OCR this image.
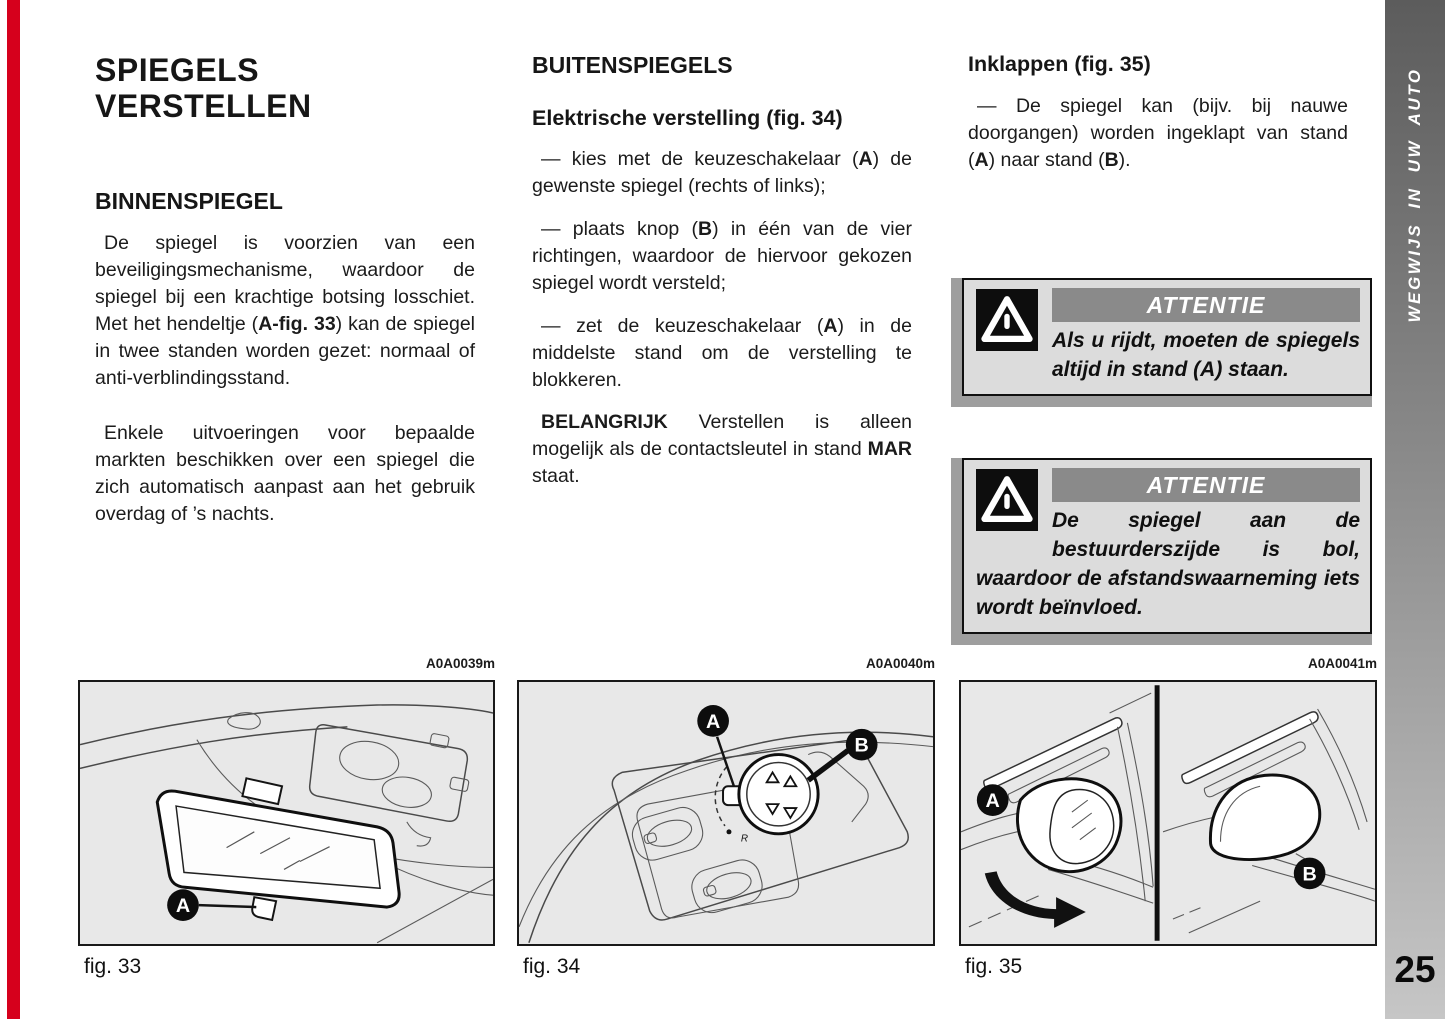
SPIEGELS VERSTELLEN
BINNENSPIEGEL

De spiegel is voorzien van een beveiligingsmechanisme, waardoor de spiegel bij een krachtige botsing losschiet. Met het hendeltje (A-fig. 33) kan de spiegel in twee standen worden gezet: normaal of anti-verblindingsstand.

Enkele uitvoeringen voor bepaalde markten beschikken over een spiegel die zich automatisch aanpast aan het gebruik overdag of ’s nachts.

BUITENSPIEGELS
Elektrische verstelling (fig. 34)

— kies met de keuzeschakelaar (A) de gewenste spiegel (rechts of links);

— plaats knop (B) in één van de vier richtingen, waardoor de hiervoor gekozen spiegel wordt versteld;

— zet de keuzeschakelaar (A) in de middelste stand om de verstelling te blokkeren.

BELANGRIJK Verstellen is alleen mogelijk als de contactsleutel in stand MAR staat.

Inklappen (fig. 35)

— De spiegel kan (bijv. bij nauwe doorgangen) worden ingeklapt van stand (A) naar stand (B).

ATTENTIE

Als u rijdt, moeten de spiegels altijd in stand (A) staan.

ATTENTIE

De spiegel aan de bestuurderszijde is bol, waardoor de afstandswaarneming iets wordt beïnvloed.

A0A0039m
A
fig. 33
A0A0040m
R
A
B
fig. 34
A
B
fig. 35
A0A0041m
WEGWIJS IN UW AUTO
25
